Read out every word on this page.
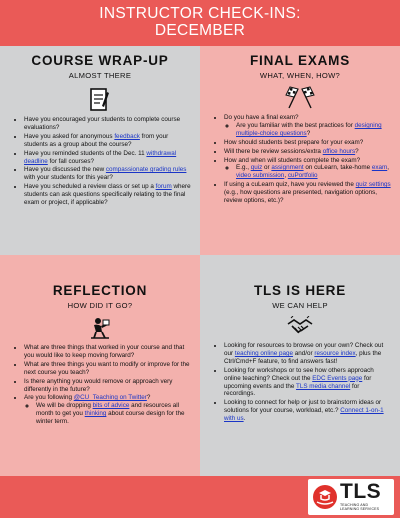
INSTRUCTOR CHECK-INS:
DECEMBER
COURSE WRAP-UP
ALMOST THERE
• Have you encouraged your students to complete course evaluations?
• Have you asked for anonymous feedback from your students as a group about the course?
• Have you reminded students of the Dec. 11 withdrawal deadline for fall courses?
• Have you discussed the new compassionate grading rules with your students for this year?
• Have you scheduled a review class or set up a forum where students can ask questions specifically relating to the final exam or project, if applicable?
FINAL EXAMS
WHAT, WHEN, HOW?
• Do you have a final exam?
◦ Are you familiar with the best practices for designing multiple-choice questions?
• How should students best prepare for your exam?
• Will there be review sessions/extra office hours?
• How and when will students complete the exam?
◦ E.g., quiz or assignment on cuLearn, take-home exam, video submission, cuPortfolio
• If using a cuLearn quiz, have you reviewed the quiz settings (e.g., how questions are presented, navigation options, review options, etc.)?
REFLECTION
HOW DID IT GO?
• What are three things that worked in your course and that you would like to keep moving forward?
• What are three things you want to modify or improve for the next course you teach?
• Is there anything you would remove or approach very differently in the future?
• Are you following @CU_Teaching on Twitter?
◦ We will be dropping bits of advice and resources all month to get you thinking about course design for the winter term.
TLS IS HERE
WE CAN HELP
• Looking for resources to browse on your own? Check out our teaching online page and/or resource index, plus the Ctrl/Cmd+F feature, to find answers fast!
• Looking for workshops or to see how others approach online teaching? Check out the EDC Events page for upcoming events and the TLS media channel for recordings.
• Looking to connect for help or just to brainstorm ideas or solutions for your course, workload, etc.? Connect 1-on-1 with us.
TLS
TEACHING AND
LEARNING SERVICES
